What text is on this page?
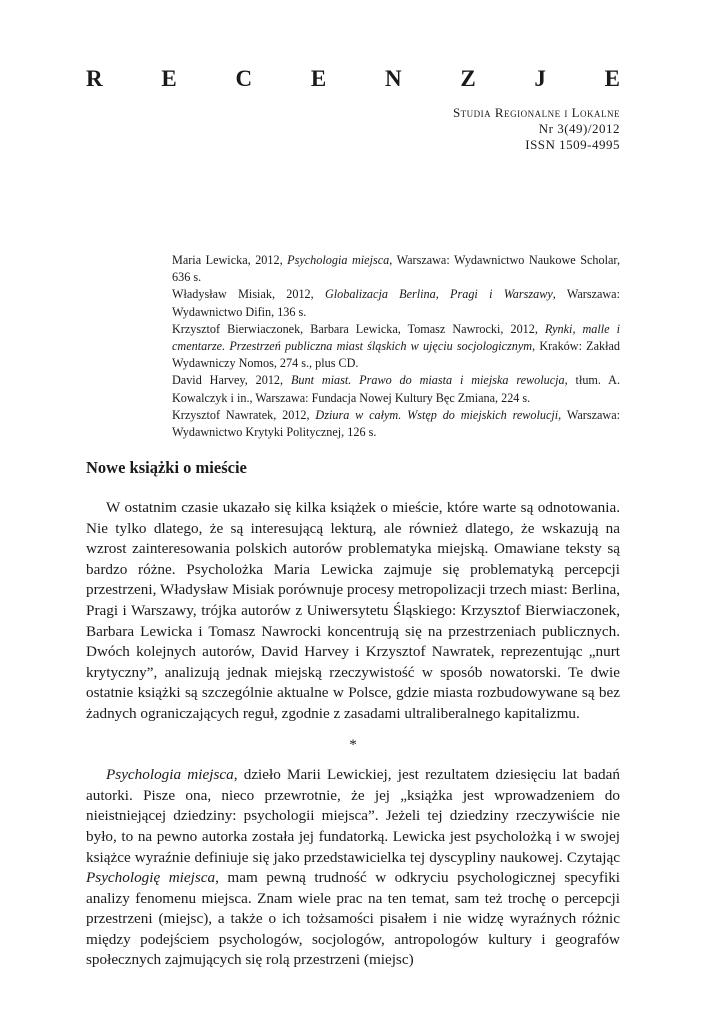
R	E	C	E	N	Z	J	E
Studia Regionalne i Lokalne
Nr 3(49)/2012
ISSN 1509-4995

Maria Lewicka, 2012, Psychologia miejsca, Warszawa: Wydawnictwo Naukowe Scholar, 636 s.

Władysław Misiak, 2012, Globalizacja Berlina, Pragi i Warszawy, Warszawa: Wydawnictwo Difin, 136 s.

Krzysztof Bierwiaczonek, Barbara Lewicka, Tomasz Nawrocki, 2012, Rynki, malle i cmentarze. Przestrzeń publiczna miast śląskich w ujęciu socjologicznym, Kraków: Zakład Wydawniczy Nomos, 274 s., plus CD.

David Harvey, 2012, Bunt miast. Prawo do miasta i miejska rewolucja, tłum. A. Kowalczyk i in., Warszawa: Fundacja Nowej Kultury Bęc Zmiana, 224 s.

Krzysztof Nawratek, 2012, Dziura w całym. Wstęp do miejskich rewolucji, Warszawa: Wydawnictwo Krytyki Politycznej, 126 s.

Nowe książki o mieście

W ostatnim czasie ukazało się kilka książek o mieście, które warte są odnotowania. Nie tylko dlatego, że są interesującą lekturą, ale również dlatego, że wskazują na wzrost zainteresowania polskich autorów problematyka miejską. Omawiane teksty są bardzo różne. Psycholożka Maria Lewicka zajmuje się problematyką percepcji przestrzeni, Władysław Misiak porównuje procesy metropolizacji trzech miast: Berlina, Pragi i Warszawy, trójka autorów z Uniwersytetu Śląskiego: Krzysztof Bierwiaczonek, Barbara Lewicka i Tomasz Nawrocki koncentrują się na przestrzeniach publicznych. Dwóch kolejnych autorów, David Harvey i Krzysztof Nawratek, reprezentując „nurt krytyczny”, analizują jednak miejską rzeczywistość w sposób nowatorski. Te dwie ostatnie książki są szczególnie aktualne w Polsce, gdzie miasta rozbudowywane są bez żadnych ograniczających reguł, zgodnie z zasadami ultraliberalnego kapitalizmu.

*

Psychologia miejsca, dzieło Marii Lewickiej, jest rezultatem dziesięciu lat badań autorki. Pisze ona, nieco przewrotnie, że jej „książka jest wprowadzeniem do nieistniejącej dziedziny: psychologii miejsca”. Jeżeli tej dziedziny rzeczywiście nie było, to na pewno autorka została jej fundatorką. Lewicka jest psycholożką i w swojej książce wyraźnie definiuje się jako przedstawicielka tej dyscypliny naukowej. Czytając Psychologię miejsca, mam pewną trudność w odkryciu psychologicznej specyfiki analizy fenomenu miejsca. Znam wiele prac na ten temat, sam też trochę o percepcji przestrzeni (miejsc), a także o ich tożsamości pisałem i nie widzę wyraźnych różnic między podejściem psychologów, socjologów, antropologów kultury i geografów społecznych zajmujących się rolą przestrzeni (miejsc)
